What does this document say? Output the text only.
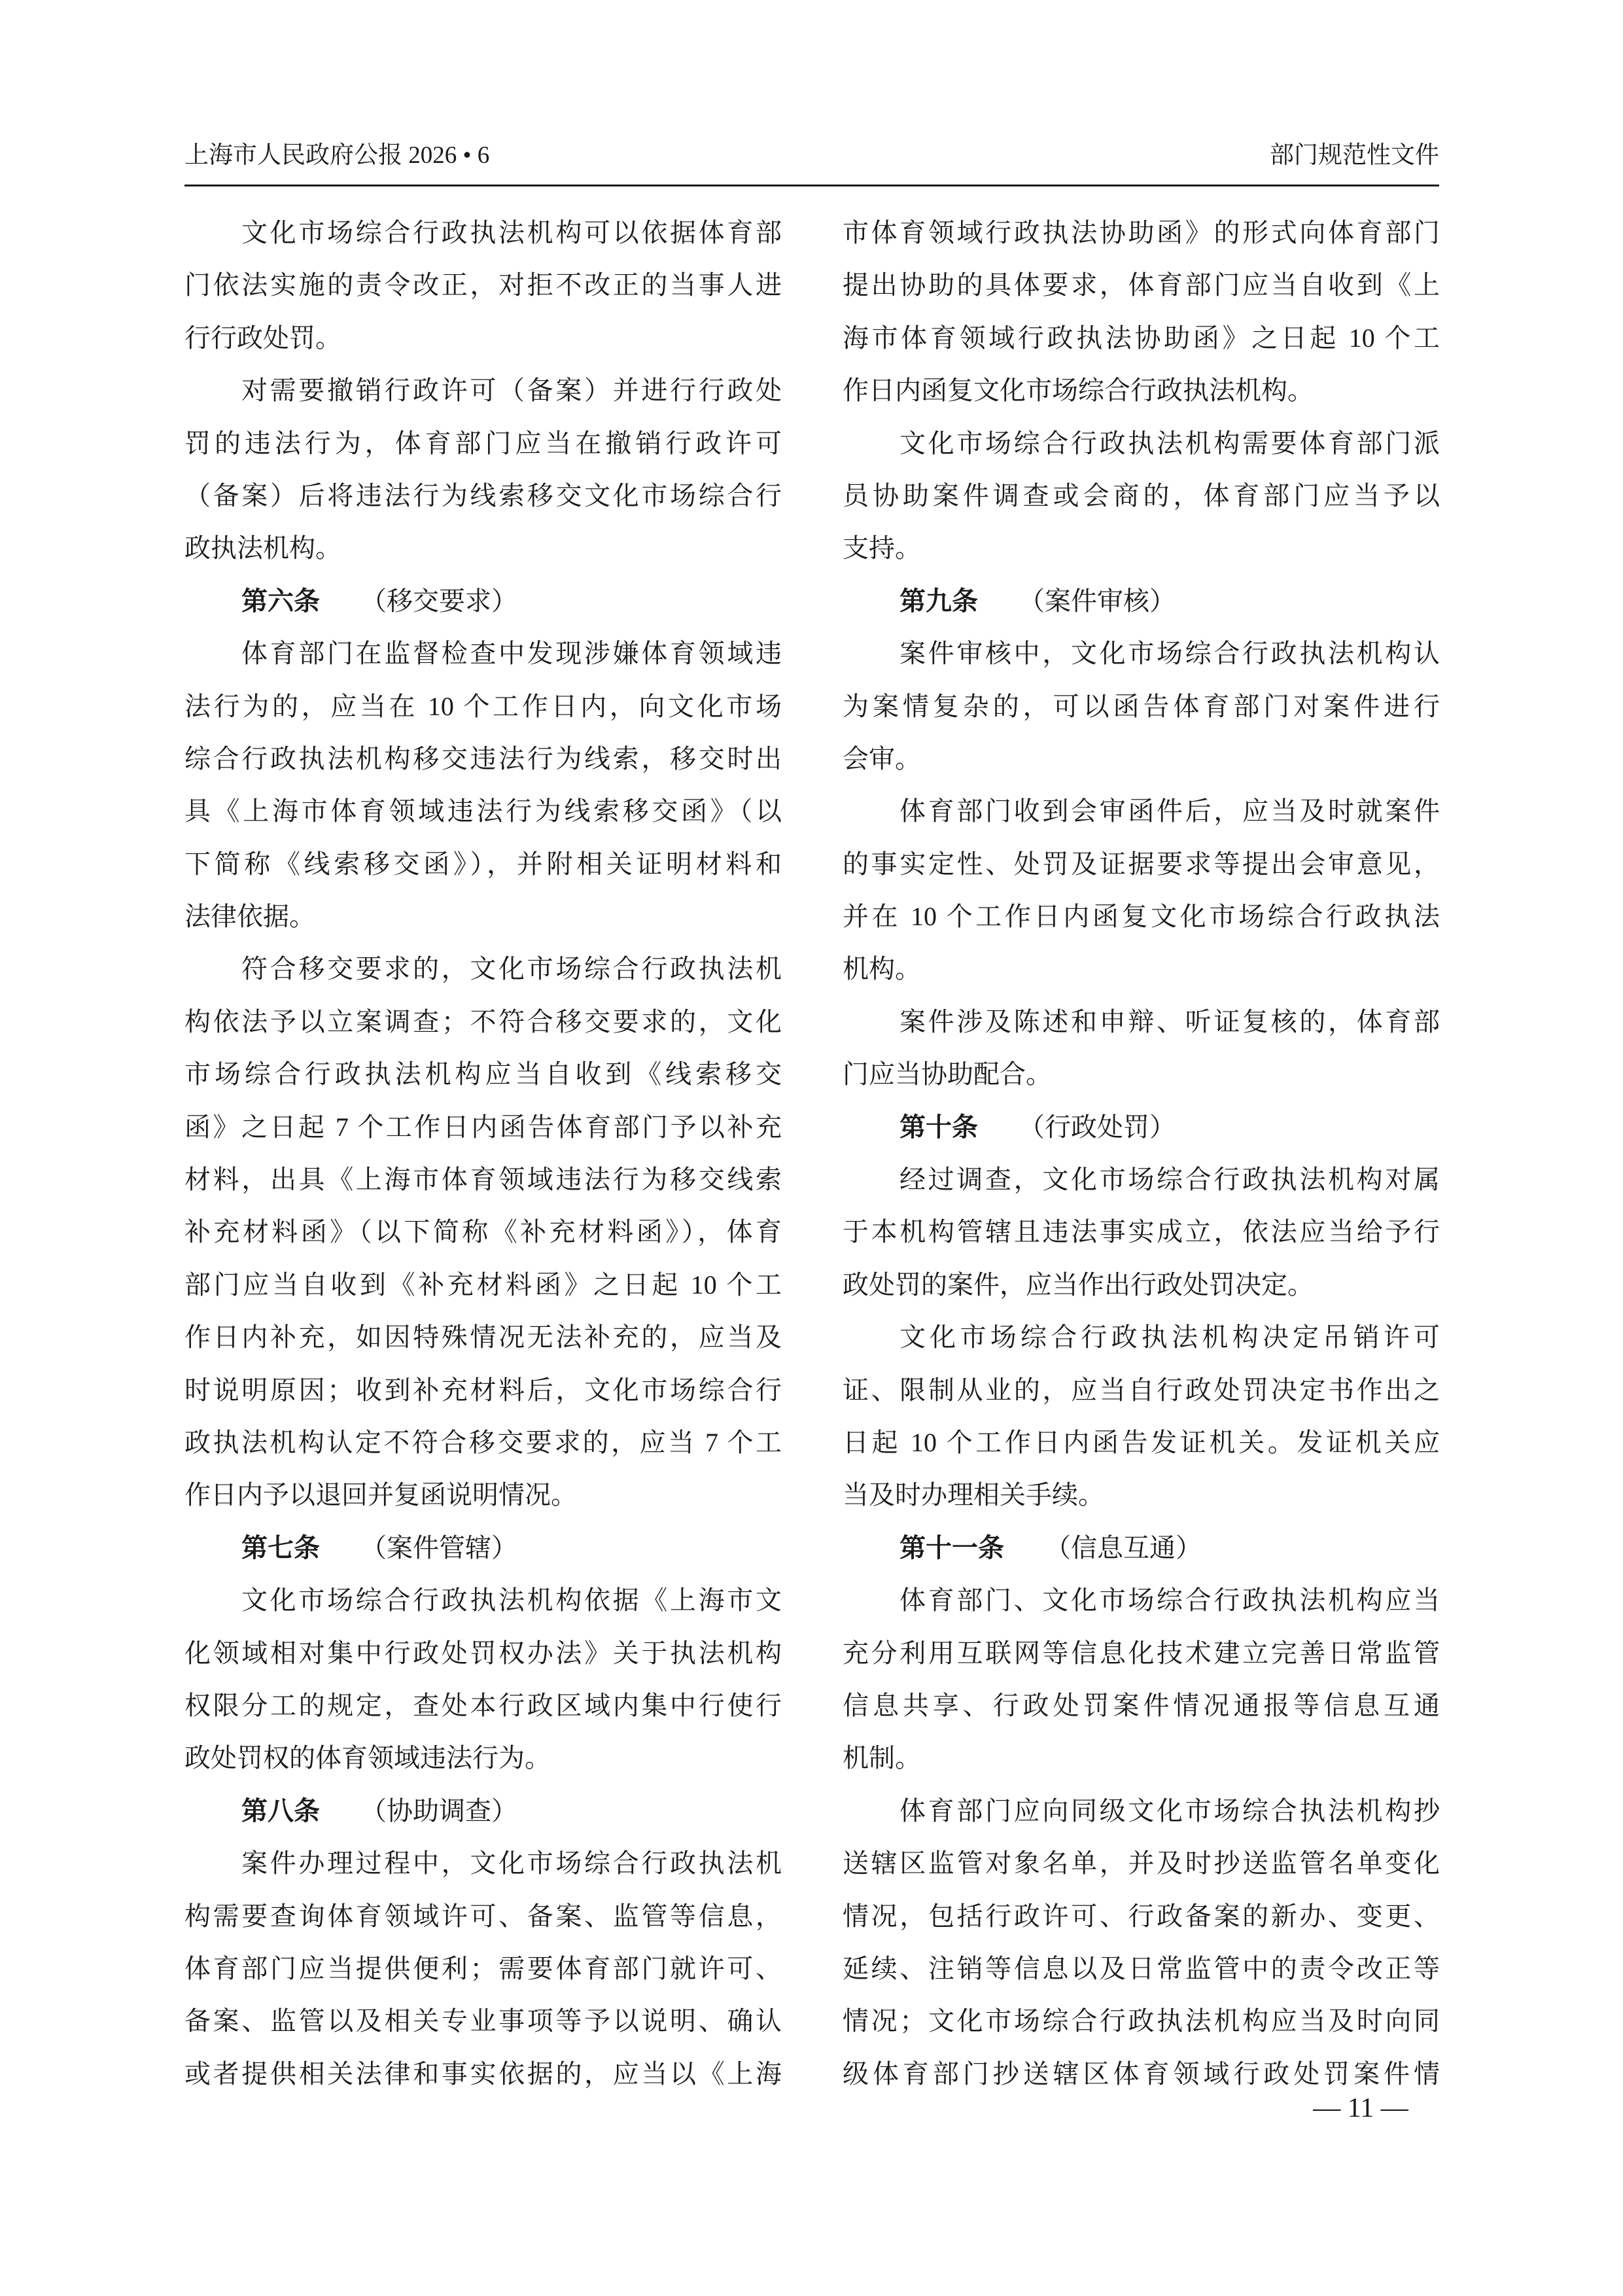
上海市人民政府公报 2026 • 6	部门规范性文件
文化市场综合行政执法机构可以依据体育部
门依法实施的责令改正，对拒不改正的当事人进
行行政处罚。
对需要撤销行政许可（备案）并进行行政处
罚的违法行为，体育部门应当在撤销行政许可
（备案）后将违法行为线索移交文化市场综合行
政执法机构。
第六条 （移交要求）
体育部门在监督检查中发现涉嫌体育领域违
法行为的，应当在 10 个工作日内，向文化市场
综合行政执法机构移交违法行为线索，移交时出
具《上海市体育领域违法行为线索移交函》（以
下简称《线索移交函》），并附相关证明材料和
法律依据。
符合移交要求的，文化市场综合行政执法机
构依法予以立案调查；不符合移交要求的，文化
市场综合行政执法机构应当自收到《线索移交
函》之日起 7 个工作日内函告体育部门予以补充
材料，出具《上海市体育领域违法行为移交线索
补充材料函》（以下简称《补充材料函》），体育
部门应当自收到《补充材料函》之日起 10 个工
作日内补充，如因特殊情况无法补充的，应当及
时说明原因；收到补充材料后，文化市场综合行
政执法机构认定不符合移交要求的，应当 7 个工
作日内予以退回并复函说明情况。
第七条 （案件管辖）
文化市场综合行政执法机构依据《上海市文
化领域相对集中行政处罚权办法》关于执法机构
权限分工的规定，查处本行政区域内集中行使行
政处罚权的体育领域违法行为。
第八条 （协助调查）
案件办理过程中，文化市场综合行政执法机
构需要查询体育领域许可、备案、监管等信息，
体育部门应当提供便利；需要体育部门就许可、
备案、监管以及相关专业事项等予以说明、确认
或者提供相关法律和事实依据的，应当以《上海
市体育领域行政执法协助函》的形式向体育部门
提出协助的具体要求，体育部门应当自收到《上
海市体育领域行政执法协助函》之日起 10 个工
作日内函复文化市场综合行政执法机构。
文化市场综合行政执法机构需要体育部门派
员协助案件调查或会商的，体育部门应当予以
支持。
第九条 （案件审核）
案件审核中，文化市场综合行政执法机构认
为案情复杂的，可以函告体育部门对案件进行
会审。
体育部门收到会审函件后，应当及时就案件
的事实定性、处罚及证据要求等提出会审意见，
并在 10 个工作日内函复文化市场综合行政执法
机构。
案件涉及陈述和申辩、听证复核的，体育部
门应当协助配合。
第十条 （行政处罚）
经过调查，文化市场综合行政执法机构对属
于本机构管辖且违法事实成立，依法应当给予行
政处罚的案件，应当作出行政处罚决定。
文化市场综合行政执法机构决定吊销许可
证、限制从业的，应当自行政处罚决定书作出之
日起 10 个工作日内函告发证机关。发证机关应
当及时办理相关手续。
第十一条 （信息互通）
体育部门、文化市场综合行政执法机构应当
充分利用互联网等信息化技术建立完善日常监管
信息共享、行政处罚案件情况通报等信息互通
机制。
体育部门应向同级文化市场综合执法机构抄
送辖区监管对象名单，并及时抄送监管名单变化
情况，包括行政许可、行政备案的新办、变更、
延续、注销等信息以及日常监管中的责令改正等
情况；文化市场综合行政执法机构应当及时向同
级体育部门抄送辖区体育领域行政处罚案件情
— 11 —
